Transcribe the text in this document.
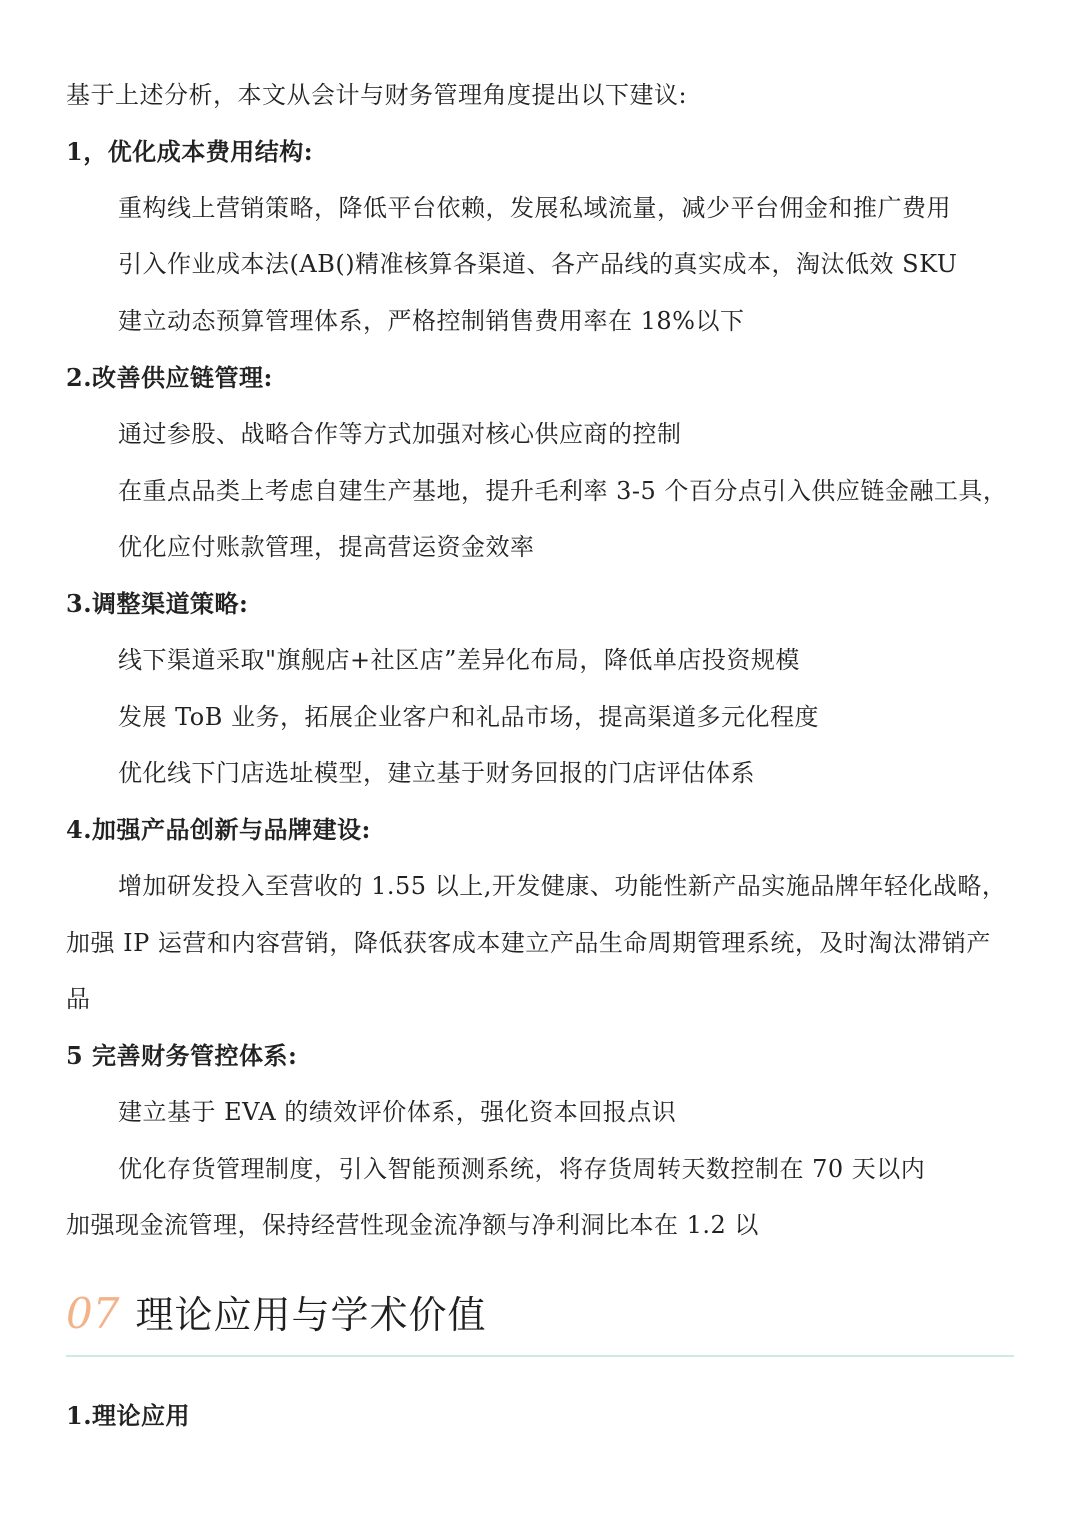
基于上述分析，本文从会计与财务管理角度提出以下建议:
1，优化成本费用结构:
重构线上营销策略，降低平台依赖，发展私域流量，减少平台佣金和推广费用
引入作业成本法(AB()精准核算各渠道、各产品线的真实成本，淘汰低效 SKU
建立动态预算管理体系，严格控制销售费用率在 18%以下
2.改善供应链管理:
通过参股、战略合作等方式加强对核心供应商的控制
在重点品类上考虑自建生产基地，提升毛利率 3-5 个百分点引入供应链金融工具，
优化应付账款管理，提高营运资金效率
3.调整渠道策略:
线下渠道采取"旗舰店+社区店”差异化布局，降低单店投资规模
发展 ToB 业务，拓展企业客户和礼品市场，提高渠道多元化程度
优化线下门店选址模型，建立基于财务回报的门店评估体系
4.加强产品创新与品牌建设:
增加研发投入至营收的 1.55 以上,开发健康、功能性新产品实施品牌年轻化战略，
加强 IP 运营和内容营销，降低获客成本建立产品生命周期管理系统，及时淘汰滞销产
品
5 完善财务管控体系:
建立基于 EVA 的绩效评价体系，强化资本回报点识
优化存货管理制度，引入智能预测系统，将存货周转天数控制在 70 天以内
加强现金流管理，保持经营性现金流净额与净利洞比本在 1.2 以
07 理论应用与学术价值
1.理论应用
